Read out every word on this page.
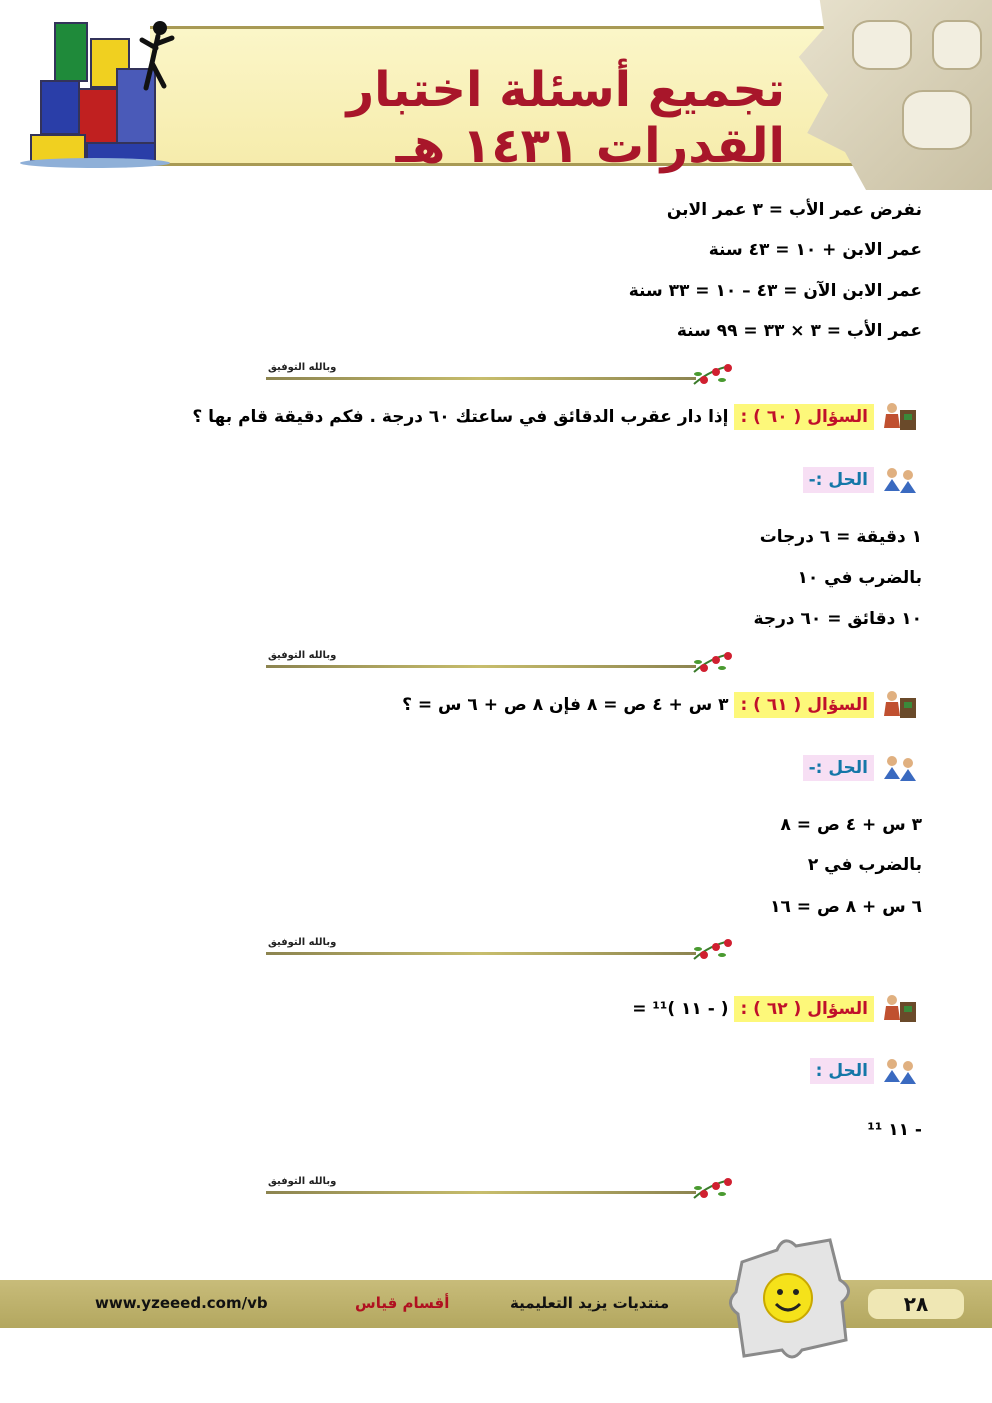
تجميع أسئلة اختبار القدرات ١٤٣١ هـ
نفرض عمر الأب = ٣ عمر الابن
عمر الابن + ١٠ = ٤٣ سنة
عمر الابن الآن = ٤٣ – ١٠ = ٣٣ سنة
عمر الأب = ٣ × ٣٣ = ٩٩ سنة
وبالله التوفيق
السؤال ( ٦٠ ) :
إذا دار عقرب الدقائق في ساعتك ٦٠ درجة . فكم دقيقة قام بها ؟
الحل :-
١ دقيقة = ٦ درجات
بالضرب في ١٠
١٠ دقائق = ٦٠ درجة
وبالله التوفيق
السؤال ( ٦١ ) :
٣ س + ٤ ص = ٨ فإن ٨ ص + ٦ س = ؟
الحل :-
٣ س + ٤ ص = ٨
بالضرب في ٢
٦ س + ٨ ص = ١٦
وبالله التوفيق
السؤال ( ٦٢ ) :
( - ١١ )¹¹ =
الحل :
- ١١ ¹¹
وبالله التوفيق
www.yzeeed.com/vb	أقسام قياس	منتديات يزيد التعليمية	٢٨
